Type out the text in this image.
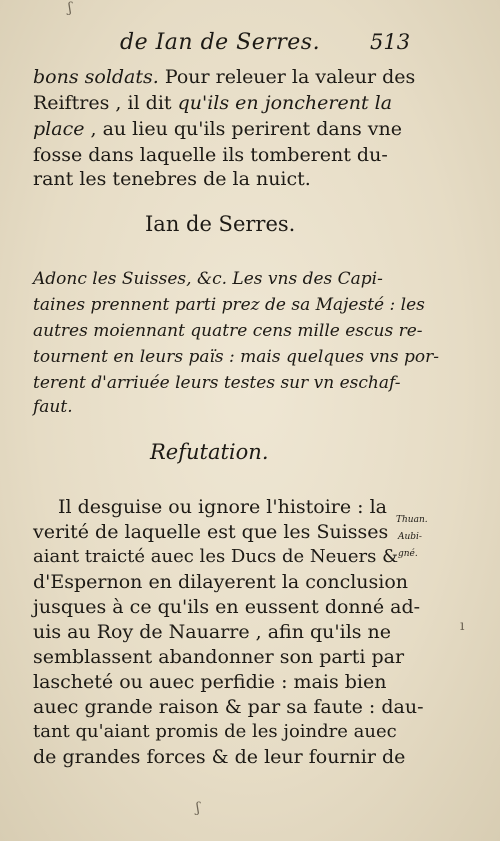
ʃ
de Ian de Serres. 513
bons soldats. Pour releuer la valeur des
Reiftres , il dit qu'ils en joncherent la
place , au lieu qu'ils perirent dans vne
fosse dans laquelle ils tomberent du-
rant les tenebres de la nuict.
Ian de Serres.
Adonc les Suisses, &c. Les vns des Capi-
taines prennent parti prez de sa Majesté : les
autres moiennant quatre cens mille escus re-
tournent en leurs païs : mais quelques vns por-
terent d'arriuée leurs testes sur vn eschaf-
faut.
Refutation.
Il desguise ou ignore l'histoire : la
verité de laquelle est que les Suisses
aiant traicté auec les Ducs de Neuers &
d'Espernon en dilayerent la conclusion
jusques à ce qu'ils en eussent donné ad-
uis au Roy de Nauarre , afin qu'ils ne
semblassent abandonner son parti par
lascheté ou auec perfidie : mais bien
auec grande raison & par sa faute : dau-
tant qu'aiant promis de les joindre auec
de grandes forces & de leur fournir de
Thuan.
Aubi-
gné.
ı
ʃ
